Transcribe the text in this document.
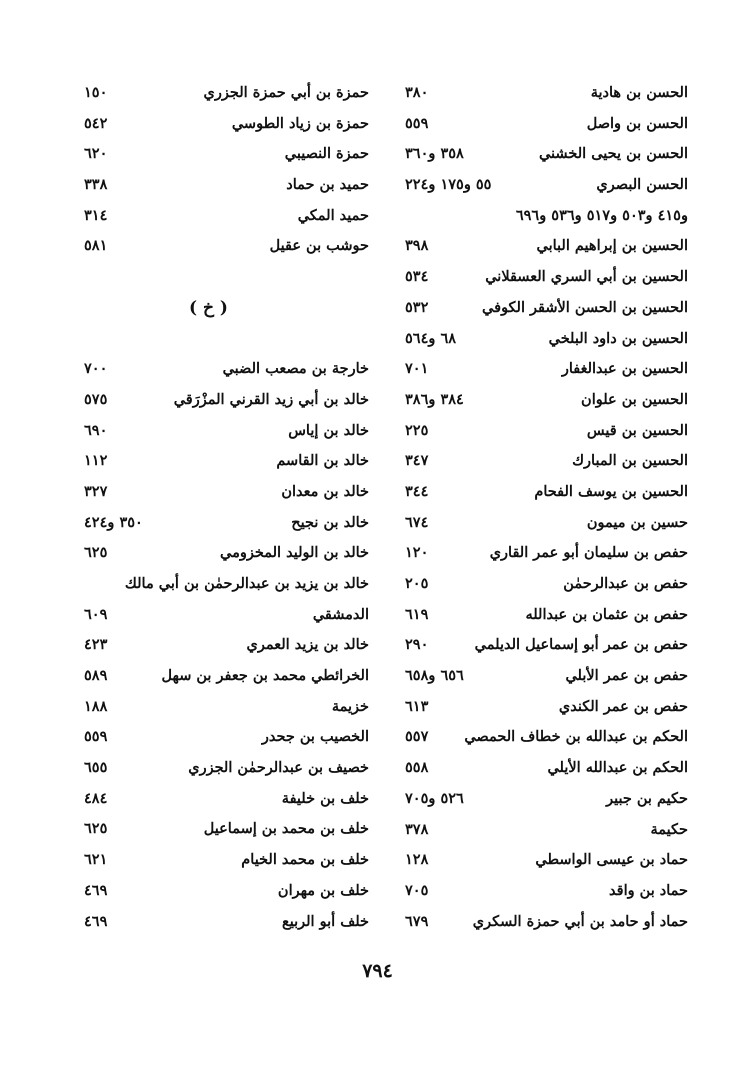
الحسن بن هادية
٣٨٠
الحسن بن واصل
٥٥٩
الحسن بن يحيى الخشني
٣٥٨ و٣٦٠
الحسن البصري
٥٥ و١٧٥ و٢٢٤
و٤١٥ و٥٠٣ و٥١٧ و٥٣٦ و٦٩٦
الحسين بن إبراهيم البابي
٣٩٨
الحسين بن أبي السري العسقلاني
٥٣٤
الحسين بن الحسن الأشقر الكوفي
٥٣٢
الحسين بن داود البلخي
٦٨ و٥٦٤
الحسين بن عبدالغفار
٧٠١
الحسين بن علوان
٣٨٤ و٣٨٦
الحسين بن قيس
٢٢٥
الحسين بن المبارك
٣٤٧
الحسين بن يوسف الفحام
٣٤٤
حسين بن ميمون
٦٧٤
حفص بن سليمان أبو عمر القاري
١٢٠
حفص بن عبدالرحمٰن
٢٠٥
حفص بن عثمان بن عبدالله
٦١٩
حفص بن عمر أبو إسماعيل الديلمي
٢٩٠
حفص بن عمر الأبلي
٦٥٦ و٦٥٨
حفص بن عمر الكندي
٦١٣
الحكم بن عبدالله بن خطاف الحمصي
٥٥٧
الحكم بن عبدالله الأيلي
٥٥٨
حكيم بن جبير
٥٢٦ و٧٠٥
حكيمة
٣٧٨
حماد بن عيسى الواسطي
١٢٨
حماد بن واقد
٧٠٥
حماد أو حامد بن أبي حمزة السكري
٦٧٩
حمزة بن أبي حمزة الجزري
١٥٠
حمزة بن زياد الطوسي
٥٤٢
حمزة النصيبي
٦٢٠
حميد بن حماد
٣٣٨
حميد المكي
٣١٤
حوشب بن عقيل
٥٨١
( خ )
خارجة بن مصعب الضبي
٧٠٠
خالد بن أبي زيد القرني المزْرَقي
٥٧٥
خالد بن إياس
٦٩٠
خالد بن القاسم
١١٢
خالد بن معدان
٣٢٧
خالد بن نجيح
٣٥٠ و٤٢٤
خالد بن الوليد المخزومي
٦٢٥
خالد بن يزيد بن عبدالرحمٰن بن أبي مالك
الدمشقي
٦٠٩
خالد بن يزيد العمري
٤٢٣
الخرائطي محمد بن جعفر بن سهل
٥٨٩
خزيمة
١٨٨
الخصيب بن جحدر
٥٥٩
خصيف بن عبدالرحمٰن الجزري
٦٥٥
خلف بن خليفة
٤٨٤
خلف بن محمد بن إسماعيل
٦٢٥
خلف بن محمد الخيام
٦٢١
خلف بن مهران
٤٦٩
خلف أبو الربيع
٤٦٩
٧٩٤
